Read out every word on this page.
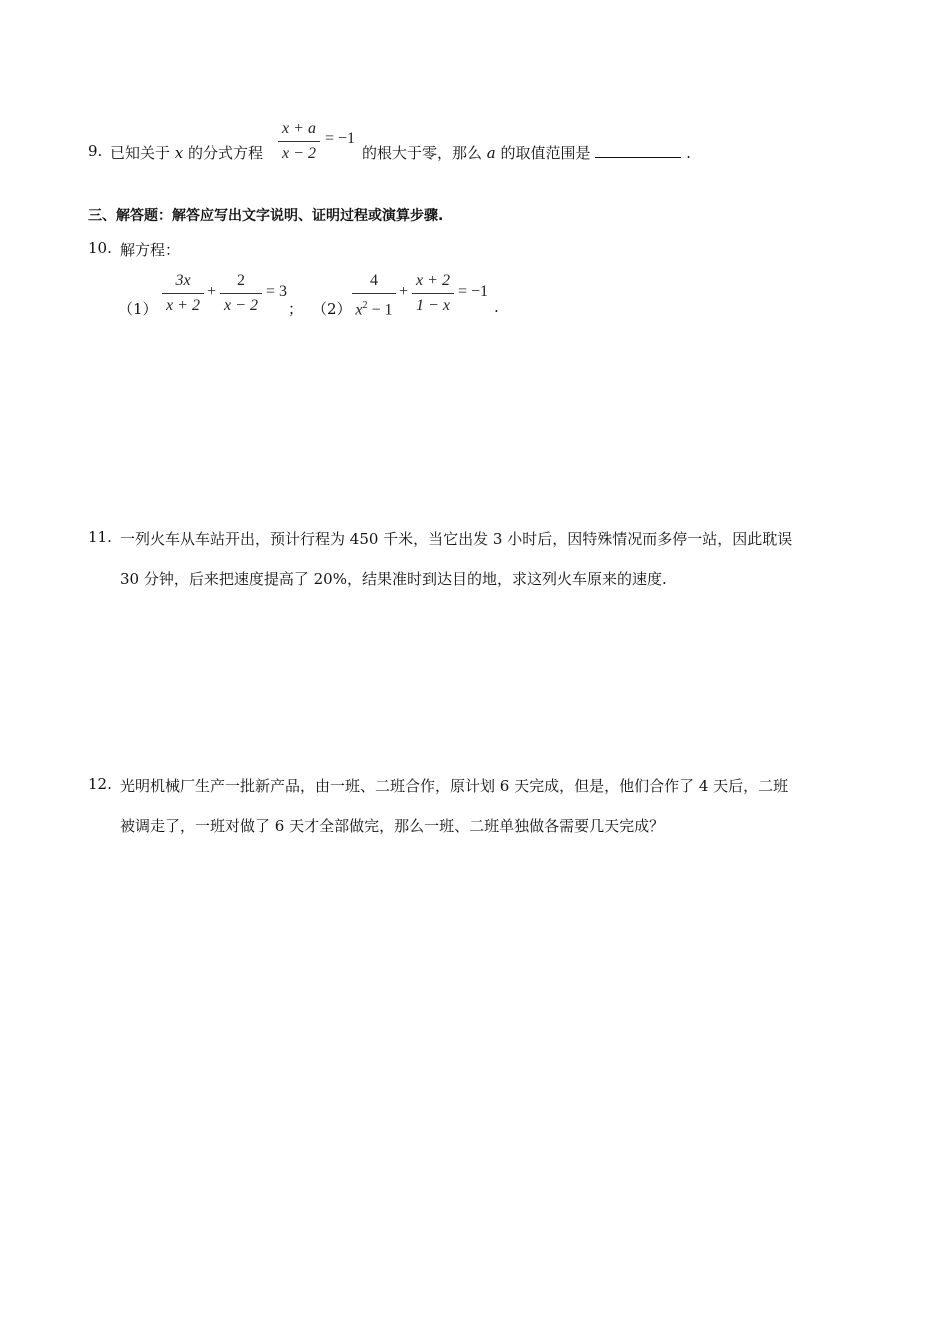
9. 已知关于 x 的分式方程 $\frac{x + a}{x - 2} = -1$
的根大于零，那么 a 的取值范围是	.
三、解答题：解答应写出文字说明、证明过程或演算步骤.
10. 解方程：
$(1) \frac{3x}{x + 2} + \frac{2}{x - 2} = 3$
； $(2) \frac{4}{x^2 - 1} + \frac{x + 2}{1 - x} = -1$
.
11. 一列火车从车站开出，预计行程为 450 千米，当它出发 3 小时后，因特殊情况而多停一站，因此耽误
30 分钟，后来把速度提高了 20%，结果准时到达目的地，求这列火车原来的速度.
12. 光明机械厂生产一批新产品，由一班、二班合作，原计划 6 天完成，但是，他们合作了 4 天后，二班
被调走了，一班对做了 6 天才全部做完，那么一班、二班单独做各需要几天完成？
